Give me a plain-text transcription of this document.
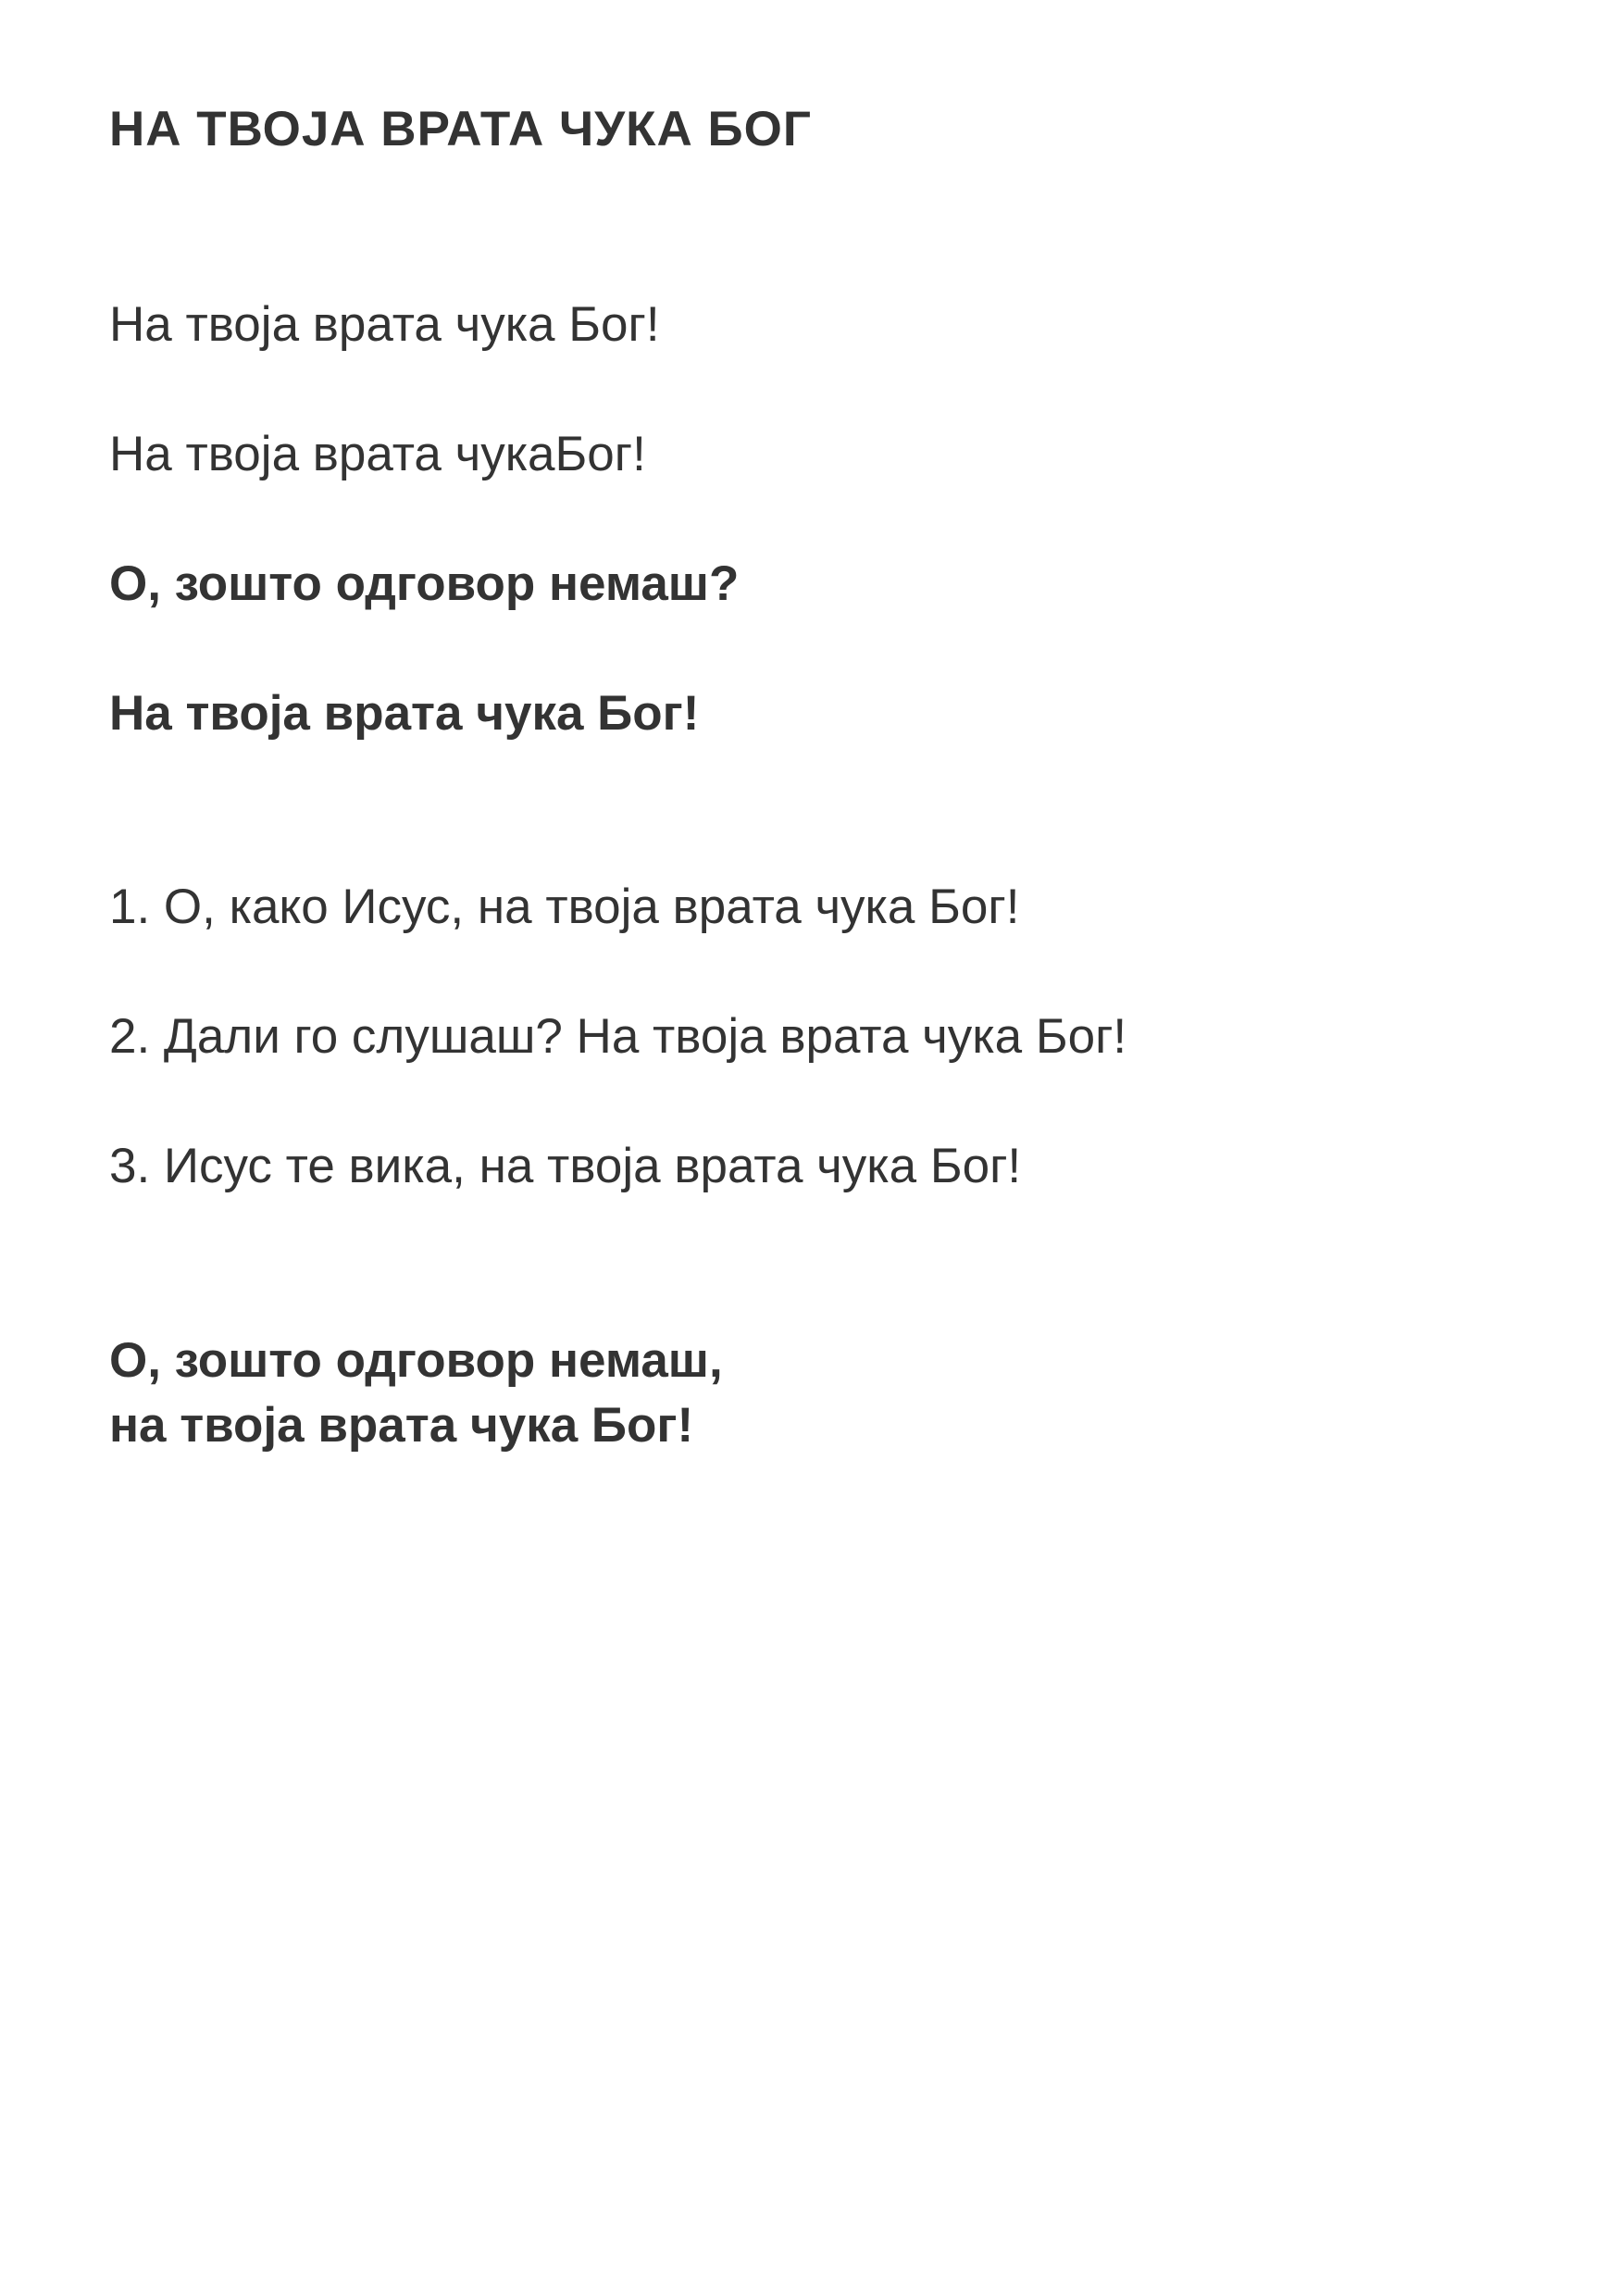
НА ТВОЈА ВРАТА ЧУКА БОГ

На твоја врата чука Бог!

На твоја врата чукаБог!

О, зошто одговор немаш?

На твоја врата чука Бог!

1. О, како Исус, на твоја врата чука Бог!

2. Дали го слушаш? На твоја врата чука Бог!

3. Исус те вика, на твоја врата чука Бог!

О, зошто одговор немаш,

на твоја врата чука Бог!
